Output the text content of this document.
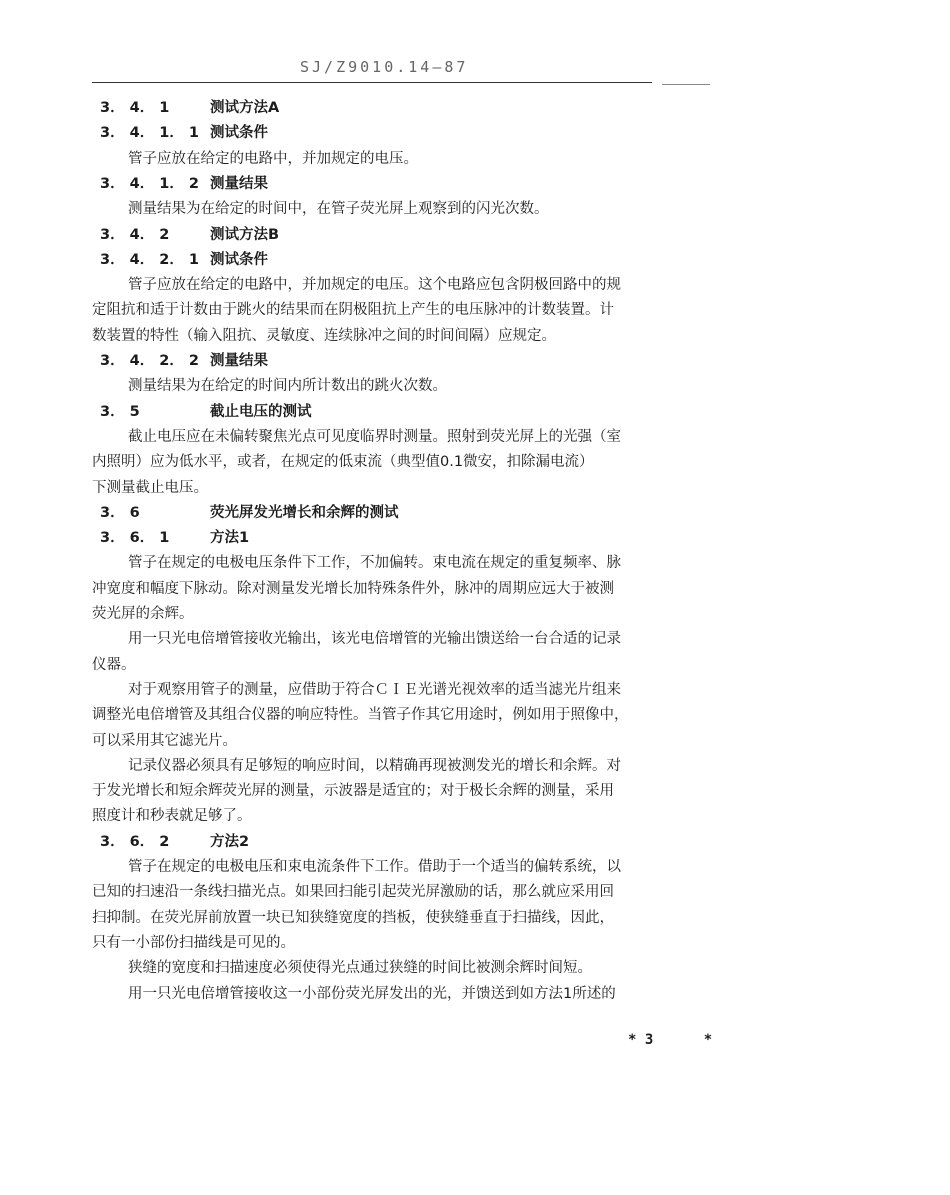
SJ/Z9010.14—87
3． 4． 1	测试方法A
3． 4． 1． 1 测试条件
管子应放在给定的电路中，并加规定的电压。
3． 4． 1． 2 测量结果
测量结果为在给定的时间中，在管子荧光屏上观察到的闪光次数。
3． 4． 2	测试方法B
3． 4． 2． 1 测试条件
管子应放在给定的电路中，并加规定的电压。这个电路应包含阴极回路中的规
定阻抗和适于计数由于跳火的结果而在阴极阻抗上产生的电压脉冲的计数装置。计
数装置的特性（输入阻抗、灵敏度、连续脉冲之间的时间间隔）应规定。
3． 4． 2． 2 测量结果
测量结果为在给定的时间内所计数出的跳火次数。
3． 5	截止电压的测试
截止电压应在未偏转聚焦光点可见度临界时测量。照射到荧光屏上的光强（室
内照明）应为低水平，或者，在规定的低束流（典型值0.1微安，扣除漏电流）
下测量截止电压。
3． 6	荧光屏发光增长和余辉的测试
3． 6． 1	方法1
管子在规定的电极电压条件下工作，不加偏转。束电流在规定的重复频率、脉
冲宽度和幅度下脉动。除对测量发光增长加特殊条件外，脉冲的周期应远大于被测
荧光屏的余辉。
用一只光电倍增管接收光输出，该光电倍增管的光输出馈送给一台合适的记录
仪器。
对于观察用管子的测量，应借助于符合ＣＩＥ光谱光视效率的适当滤光片组来
调整光电倍增管及其组合仪器的响应特性。当管子作其它用途时，例如用于照像中，
可以采用其它滤光片。
记录仪器必须具有足够短的响应时间，以精确再现被测发光的增长和余辉。对
于发光增长和短余辉荧光屏的测量，示波器是适宜的；对于极长余辉的测量，采用
照度计和秒表就足够了。
3． 6． 2	方法2
管子在规定的电极电压和束电流条件下工作。借助于一个适当的偏转系统，以
已知的扫速沿一条线扫描光点。如果回扫能引起荧光屏激励的话，那么就应采用回
扫抑制。在荧光屏前放置一块已知狭缝宽度的挡板，使狭缝垂直于扫描线，因此，
只有一小部份扫描线是可见的。
狭缝的宽度和扫描速度必须使得光点通过狭缝的时间比被测余辉时间短。
用一只光电倍增管接收这一小部份荧光屏发出的光，并馈送到如方法1所述的
* 3	*
